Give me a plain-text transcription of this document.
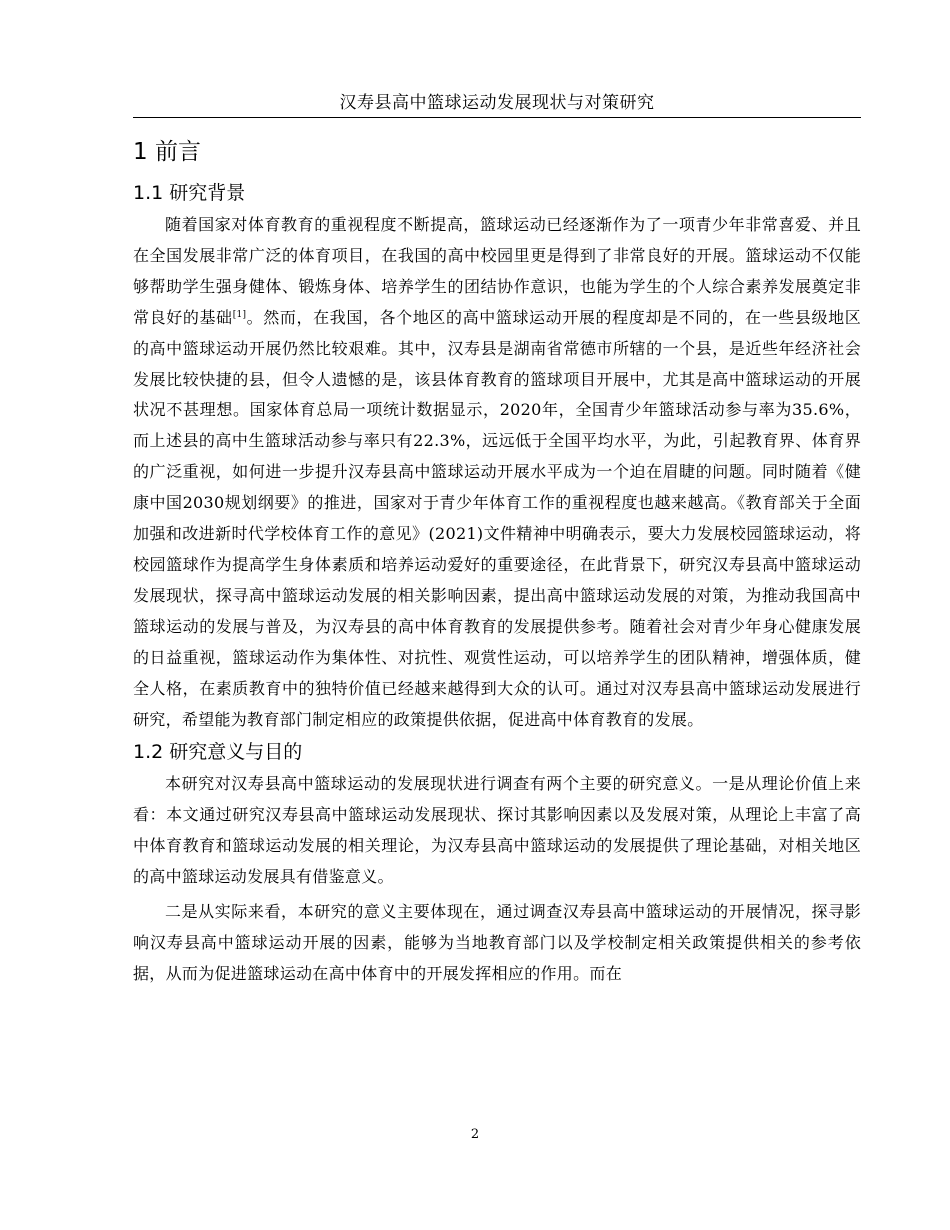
汉寿县高中篮球运动发展现状与对策研究
1 前言
1.1 研究背景

随着国家对体育教育的重视程度不断提高，篮球运动已经逐渐作为了一项青少年非常喜爱、并且在全国发展非常广泛的体育项目，在我国的高中校园里更是得到了非常良好的开展。篮球运动不仅能够帮助学生强身健体、锻炼身体、培养学生的团结协作意识，也能为学生的个人综合素养发展奠定非常良好的基础[1]。然而，在我国，各个地区的高中篮球运动开展的程度却是不同的，在一些县级地区的高中篮球运动开展仍然比较艰难。其中，汉寿县是湖南省常德市所辖的一个县，是近些年经济社会发展比较快捷的县，但令人遗憾的是，该县体育教育的篮球项目开展中，尤其是高中篮球运动的开展状况不甚理想。国家体育总局一项统计数据显示，2020年，全国青少年篮球活动参与率为35.6%，而上述县的高中生篮球活动参与率只有22.3%，远远低于全国平均水平，为此，引起教育界、体育界的广泛重视，如何进一步提升汉寿县高中篮球运动开展水平成为一个迫在眉睫的问题。同时随着《健康中国2030规划纲要》的推进，国家对于青少年体育工作的重视程度也越来越高。《教育部关于全面加强和改进新时代学校体育工作的意见》(2021)文件精神中明确表示，要大力发展校园篮球运动，将校园篮球作为提高学生身体素质和培养运动爱好的重要途径，在此背景下，研究汉寿县高中篮球运动发展现状，探寻高中篮球运动发展的相关影响因素，提出高中篮球运动发展的对策，为推动我国高中篮球运动的发展与普及，为汉寿县的高中体育教育的发展提供参考。随着社会对青少年身心健康发展的日益重视，篮球运动作为集体性、对抗性、观赏性运动，可以培养学生的团队精神，增强体质，健全人格，在素质教育中的独特价值已经越来越得到大众的认可。通过对汉寿县高中篮球运动发展进行研究，希望能为教育部门制定相应的政策提供依据，促进高中体育教育的发展。

1.2 研究意义与目的

本研究对汉寿县高中篮球运动的发展现状进行调查有两个主要的研究意义。一是从理论价值上来看：本文通过研究汉寿县高中篮球运动发展现状、探讨其影响因素以及发展对策，从理论上丰富了高中体育教育和篮球运动发展的相关理论，为汉寿县高中篮球运动的发展提供了理论基础，对相关地区的高中篮球运动发展具有借鉴意义。

二是从实际来看，本研究的意义主要体现在，通过调查汉寿县高中篮球运动的开展情况，探寻影响汉寿县高中篮球运动开展的因素，能够为当地教育部门以及学校制定相关政策提供相关的参考依据，从而为促进篮球运动在高中体育中的开展发挥相应的作用。而在

2
